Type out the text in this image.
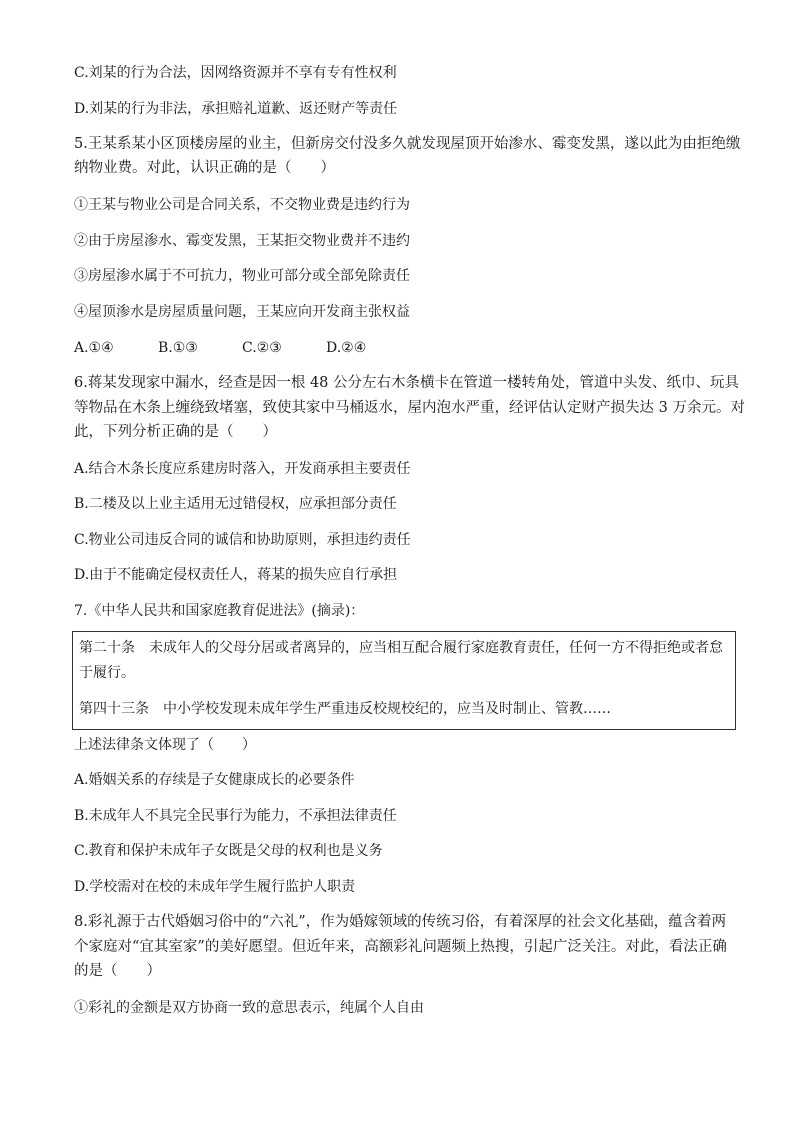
C.刘某的行为合法，因网络资源并不享有专有性权利
D.刘某的行为非法，承担赔礼道歉、返还财产等责任
5.王某系某小区顶楼房屋的业主，但新房交付没多久就发现屋顶开始渗水、霉变发黑，遂以此为由拒绝缴
纳物业费。对此，认识正确的是（　　）
①王某与物业公司是合同关系，不交物业费是违约行为
②由于房屋渗水、霉变发黑，王某拒交物业费并不违约
③房屋渗水属于不可抗力，物业可部分或全部免除责任
④屋顶渗水是房屋质量问题，王某应向开发商主张权益
A.①④	B.①③	C.②③	D.②④
6.蒋某发现家中漏水，经查是因一根 48 公分左右木条横卡在管道一楼转角处，管道中头发、纸巾、玩具
等物品在木条上缠绕致堵塞，致使其家中马桶返水，屋内泡水严重，经评估认定财产损失达 3 万余元。对
此，下列分析正确的是（　　）
A.结合木条长度应系建房时落入，开发商承担主要责任
B.二楼及以上业主适用无过错侵权，应承担部分责任
C.物业公司违反合同的诚信和协助原则，承担违约责任
D.由于不能确定侵权责任人，蒋某的损失应自行承担
7.《中华人民共和国家庭教育促进法》(摘录)：
第二十条　未成年人的父母分居或者离异的，应当相互配合履行家庭教育责任，任何一方不得拒绝或者怠
于履行。
第四十三条　中小学校发现未成年学生严重违反校规校纪的，应当及时制止、管教……
上述法律条文体现了（　　）
A.婚姻关系的存续是子女健康成长的必要条件
B.未成年人不具完全民事行为能力，不承担法律责任
C.教育和保护未成年子女既是父母的权利也是义务
D.学校需对在校的未成年学生履行监护人职责
8.彩礼源于古代婚姻习俗中的“六礼”，作为婚嫁领域的传统习俗，有着深厚的社会文化基础，蕴含着两
个家庭对“宜其室家”的美好愿望。但近年来，高额彩礼问题频上热搜，引起广泛关注。对此，看法正确
的是（　　）
①彩礼的金额是双方协商一致的意思表示，纯属个人自由
